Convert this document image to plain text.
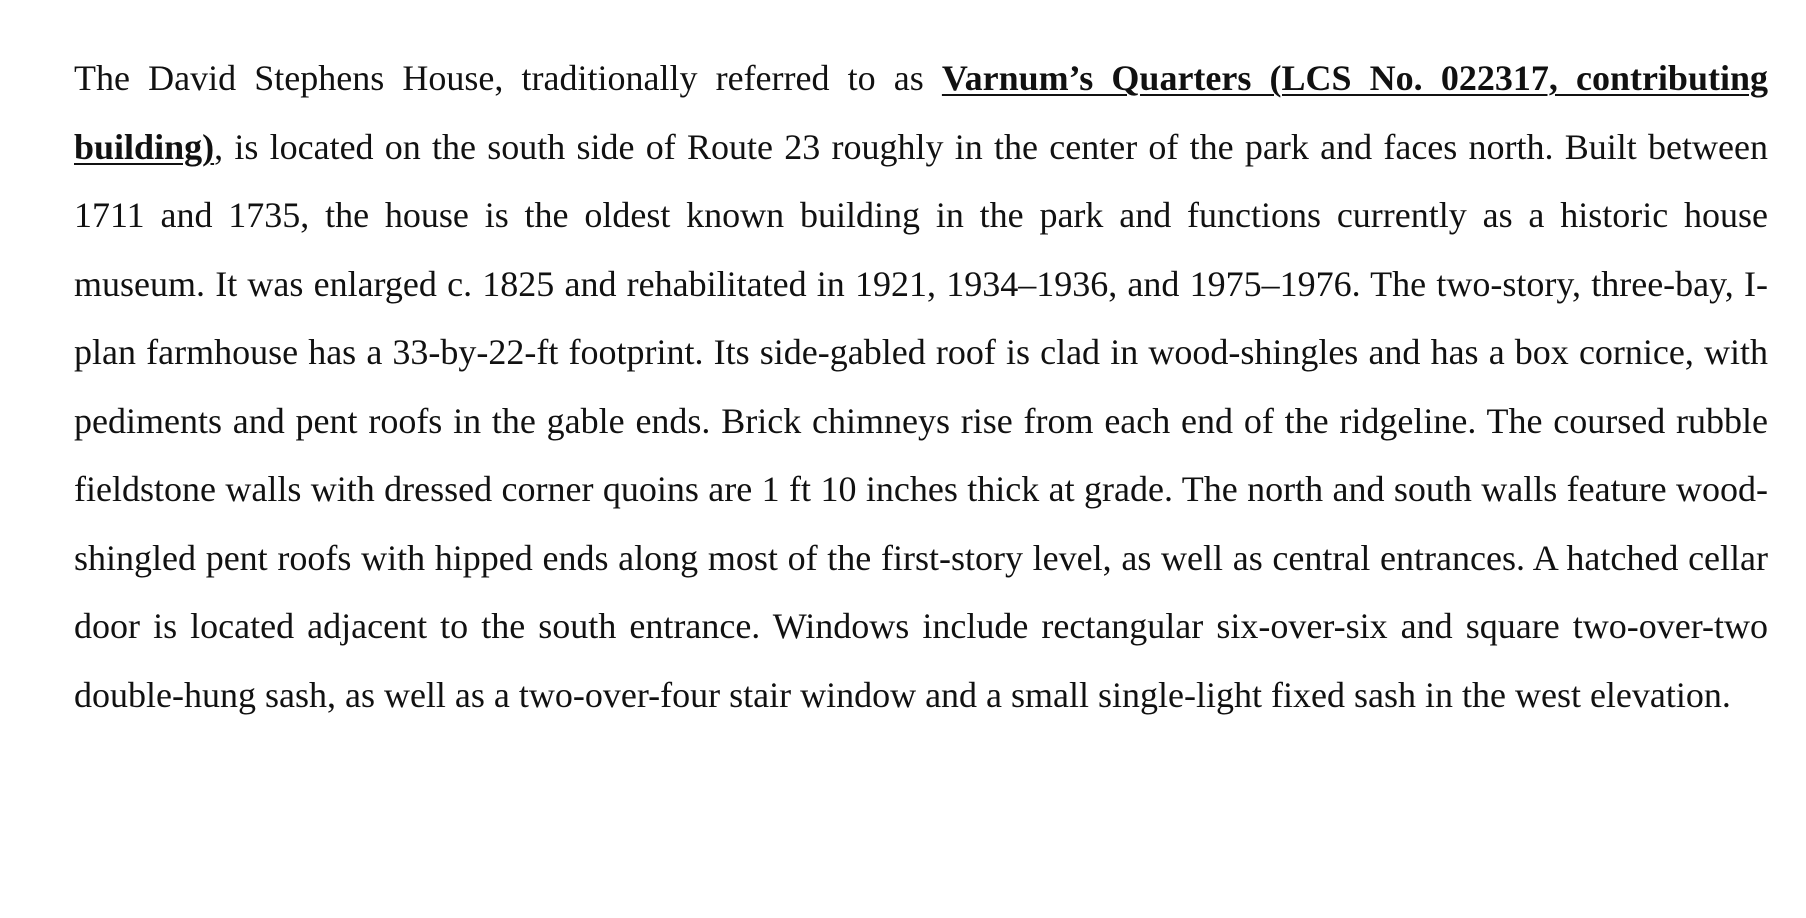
The David Stephens House, traditionally referred to as Varnum’s Quarters (LCS No. 022317, contributing building), is located on the south side of Route 23 roughly in the center of the park and faces north. Built between 1711 and 1735, the house is the oldest known building in the park and functions currently as a historic house museum. It was enlarged c. 1825 and rehabilitated in 1921, 1934–1936, and 1975–1976. The two-story, three-bay, I-plan farmhouse has a 33-by-22-ft footprint. Its side-gabled roof is clad in wood-shingles and has a box cornice, with pediments and pent roofs in the gable ends. Brick chimneys rise from each end of the ridgeline. The coursed rubble fieldstone walls with dressed corner quoins are 1 ft 10 inches thick at grade. The north and south walls feature wood-shingled pent roofs with hipped ends along most of the first-story level, as well as central entrances. A hatched cellar door is located adjacent to the south entrance. Windows include rectangular six-over-six and square two-over-two double-hung sash, as well as a two-over-four stair window and a small single-light fixed sash in the west elevation.
